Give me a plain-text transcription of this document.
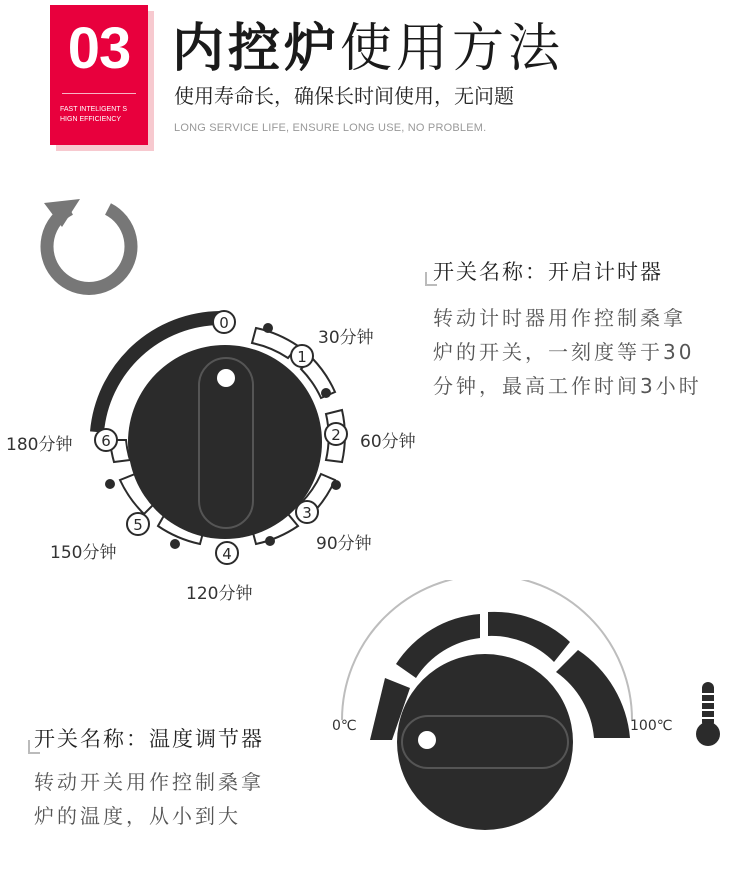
03
FAST INTELIGENT S
HIGN EFFICIENCY
内控炉使用方法
使用寿命长，确保长时间使用，无问题
LONG SERVICE LIFE, ENSURE LONG USE, NO PROBLEM.
开关名称：开启计时器
转动计时器用作控制桑拿
炉的开关，一刻度等于30
分钟，最高工作时间3小时
0
1
2
3
4
5
6
30分钟
60分钟
90分钟
120分钟
150分钟
180分钟
开关名称：温度调节器
转动开关用作控制桑拿
炉的温度，从小到大
0℃	100℃
